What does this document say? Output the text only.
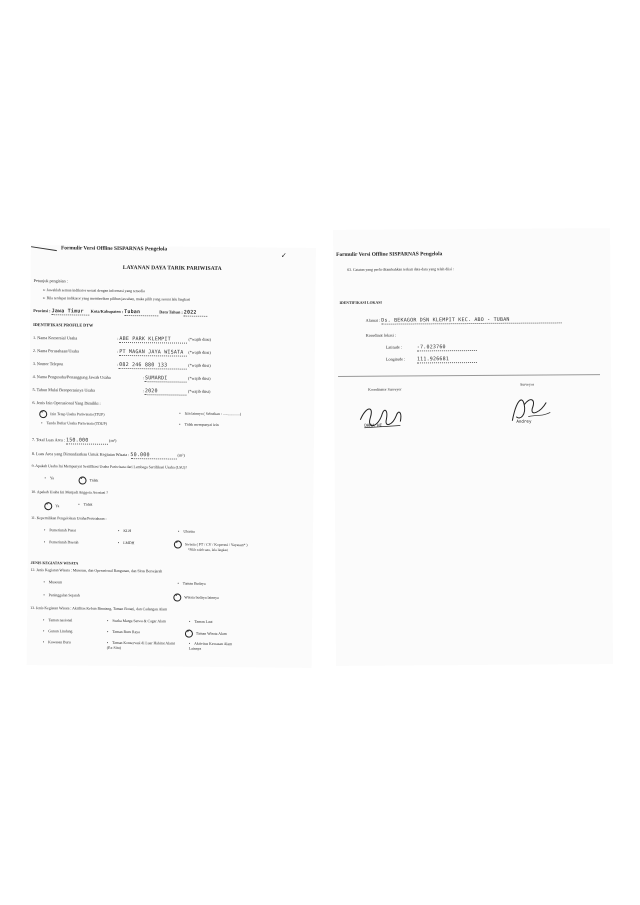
Formulir Versi Offline SISPARNAS Pengelola
✓
LAYANAN DAYA TARIK PARIWISATA
Petunjuk pengisian :
➢ Jawablah semua indikator sesuai dengan informasi yang tersedia
➢ Bila terdapat indikator yang memberikan pilihan jawaban, maka pilih yang sesuai lalu lingkari
Provinsi : Jawa Timur Kota/Kabupaten : Tuban	Data Tahun : 2022
IDENTIFIKASI PROFILE DTW
1. Nama Komersial Usaha	: ABE PARK KLEMPIT	(*wajib diisi)
2. Nama Perusahaan/Usaha	: PT MAGAN JAYA WISATA (*wajib diisi)
3. Nomor Telepon	: 082 246 880 133	(*wajib diisi)
4. Nama Pengusaha/Penanggung Jawab Usaha	: SUMARDI	(*wajib diisi)
5. Tahun Mulai Beroperasinya Usaha	: 2020	(*wajib diisi)
6. Jenis Izin Operasional Yang Dimiliki :
✓Izin Tetap Usaha Pariwisata (ITUP) •	Izin lainnya ( Sebutkan : ..................)
• Tanda Daftar Usaha Pariwisata (TDUP) •	Tidak mempunyai izin
7. Total Luas Area : 150.000	(m²)
8. Luas Area yang Dimanfaatkan Untuk Kegiatan Wisata : 50.000	(m²)
9. Apakah Usaha Ini Mempunyai Sertifikasi Usaha Pariwisata dari Lembaga Sertifikasi Usaha (LSU)?
• Ya
✓Tidak
10. Apakah Usaha Ini Menjadi Anggota Asosiasi ?
✓Ya •	Tidak
11. Kepemilikan Pengelolaan Usaha/Perusahaan :
• Pemerintah Pusat •	KLH •	Ubarita
• Pemerintah Daerah •	LMDH ✓	Swasta ( PT / CV / Koperasi / Yayasan* )
*Pilih salah satu, lalu lingkari
JENIS KEGIATAN WISATA
12. Jenis Kegiatan Wisata : Museum, dan Operasional Bangunan, dan Situs Bersejarah
• Museum •	Taman Budaya
• Peninggalan Sejarah
✓Wisata budaya lainnya
13. Jenis Kegiatan Wisata : Aktifitas Kebun Binatang, Taman Botani, dan Cadangan Alam
• Taman nasional •	Suaka Marga Satwa & Cagar Alam •	Taman Laut
• Gunun Lindung •	Taman Buru Raya ✓	Taman Wisata Alam
• Kawasan Buru •	Taman Konservasi di Luar Habitat Alami (Ex-Situ)
• Aktivitas Kawasan Alam Lainnya
Formulir Versi Offline SISPARNAS Pengelola
63. Catatan yang perlu ditambahkan terkait data-data yang telah diisi :
IDENTIFIKASI LOKASI
Alamat : Ds. BEKAGOR DSN KLEMPIT KEC. ABO - TUBAN
Koordinat lokasi :
Latitude :	-7.023760
Longitude : 111.926681
Koordinator Surveyor
Surveyor
DHRA HE
Andrey
